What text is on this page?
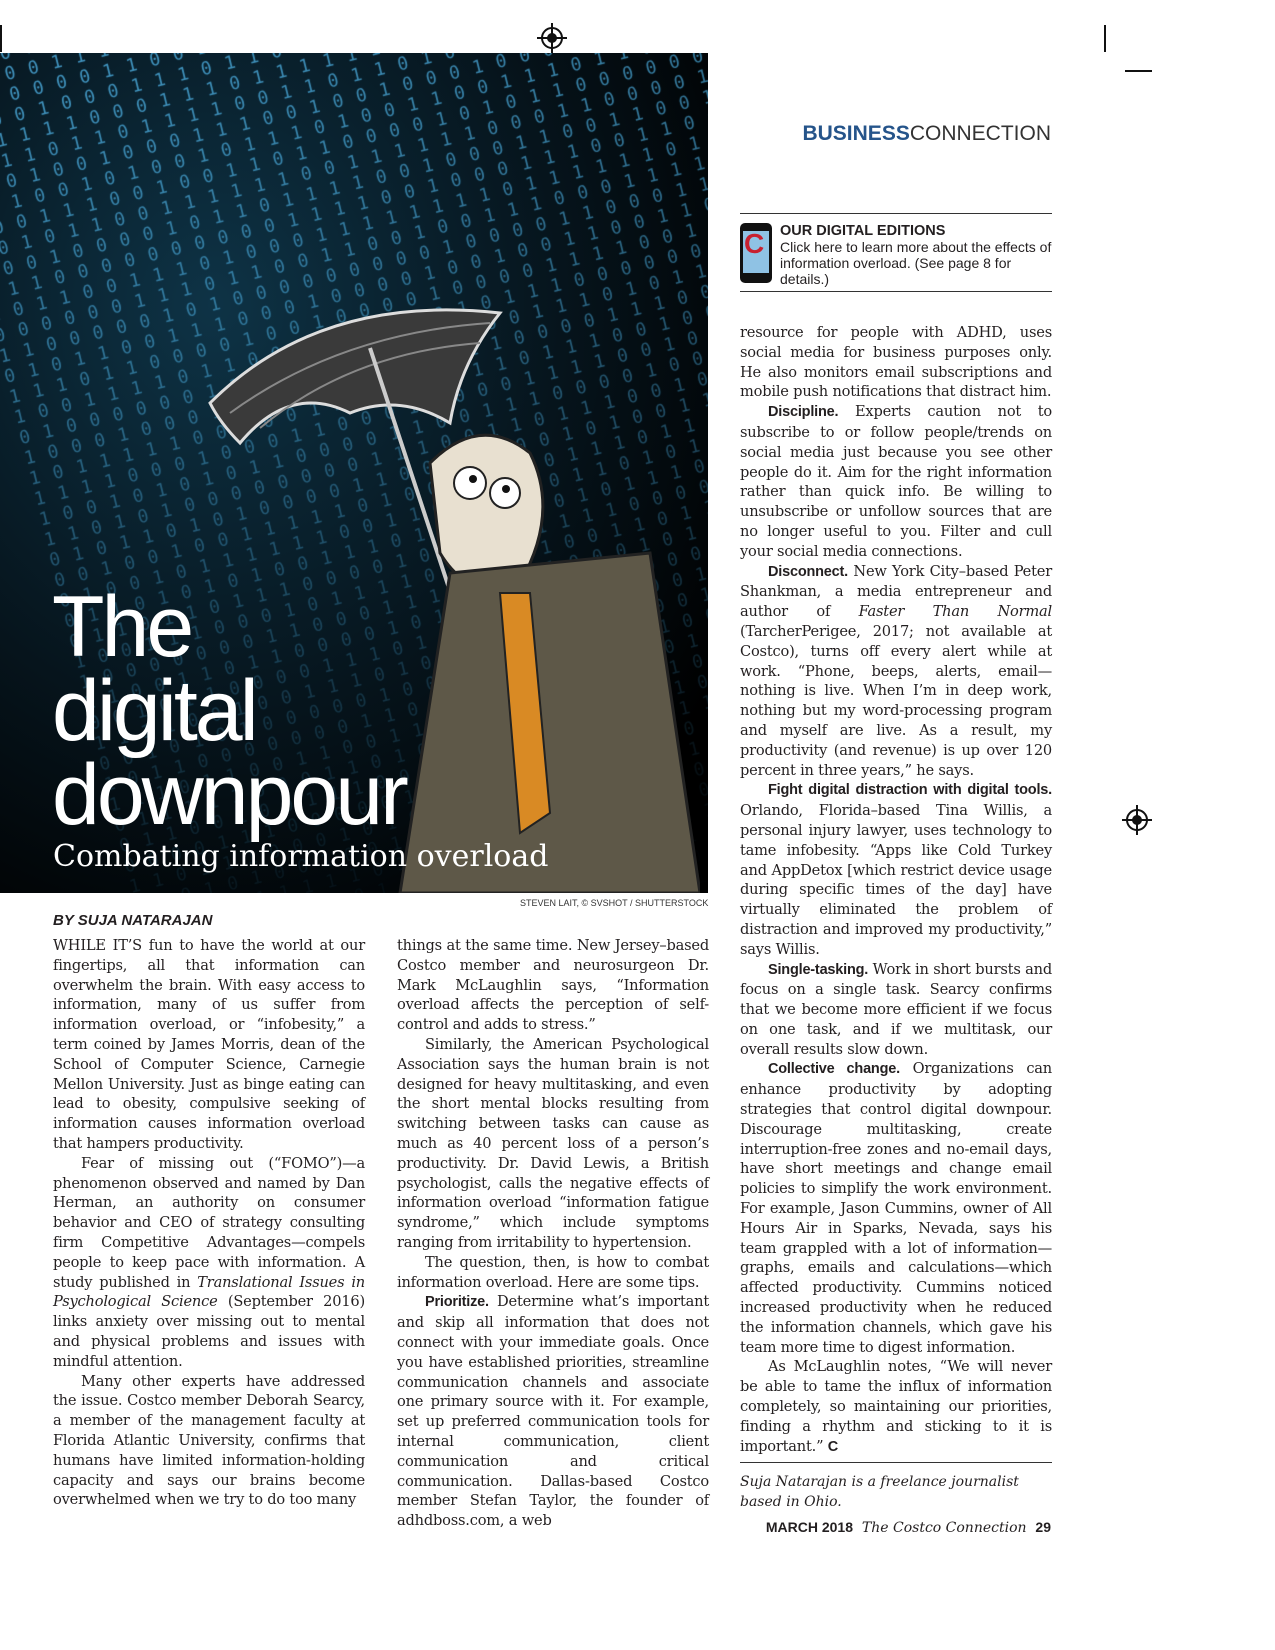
The
digital
downpour
Combating information overload
STEVEN LAIT, © SVSHOT / SHUTTERSTOCK
BY SUJA NATARAJAN
BUSINESSCONNECTION
C OUR DIGITAL EDITIONS
Click here to learn more about the effects of information overload. (See page 8 for details.)

WHILE IT’S fun to have the world at our fingertips, all that information can overwhelm the brain. With easy access to information, many of us suffer from information overload, or “infobesity,” a term coined by James Morris, dean of the School of Computer Science, Carnegie Mellon University. Just as binge eating can lead to obesity, compulsive seeking of information causes information overload that hampers productivity.

Fear of missing out (“FOMO”)—a phenomenon observed and named by Dan Herman, an authority on consumer behavior and CEO of strategy consulting firm Competitive Advantages—compels people to keep pace with information. A study published in Translational Issues in Psychological Science (September 2016) links anxiety over missing out to mental and physical problems and issues with mindful attention.

Many other experts have addressed the issue. Costco member Deborah Searcy, a member of the management faculty at Florida Atlantic University, confirms that humans have limited information-holding capacity and says our brains become overwhelmed when we try to do too many

things at the same time. New Jersey–based Costco member and neurosurgeon Dr. Mark McLaughlin says, “Information overload affects the perception of self-control and adds to stress.”

Similarly, the American Psychological Association says the human brain is not designed for heavy multitasking, and even the short mental blocks resulting from switching between tasks can cause as much as 40 percent loss of a person’s productivity. Dr. David Lewis, a British psychologist, calls the negative effects of information overload “information fatigue syndrome,” which include symptoms ranging from irritability to hypertension.

The question, then, is how to combat information overload. Here are some tips.

Prioritize. Determine what’s important and skip all information that does not connect with your immediate goals. Once you have established priorities, streamline communication channels and associate one primary source with it. For example, set up preferred communication tools for internal communication, client communication and critical communication. Dallas-based Costco member Stefan Taylor, the founder of adhdboss.com, a web

resource for people with ADHD, uses social media for business purposes only. He also monitors email subscriptions and mobile push notifications that distract him.

Discipline. Experts caution not to subscribe to or follow people/trends on social media just because you see other people do it. Aim for the right information rather than quick info. Be willing to unsubscribe or unfollow sources that are no longer useful to you. Filter and cull your social media connections.

Disconnect. New York City–based Peter Shankman, a media entrepreneur and author of Faster Than Normal (TarcherPerigee, 2017; not available at Costco), turns off every alert while at work. “Phone, beeps, alerts, email—nothing is live. When I’m in deep work, nothing but my word-processing program and myself are live. As a result, my productivity (and revenue) is up over 120 percent in three years,” he says.

Fight digital distraction with digital tools. Orlando, Florida–based Tina Willis, a personal injury lawyer, uses technology to tame infobesity. “Apps like Cold Turkey and AppDetox [which restrict device usage during specific times of the day] have virtually eliminated the problem of distraction and improved my productivity,” says Willis.

Single-tasking. Work in short bursts and focus on a single task. Searcy confirms that we become more efficient if we focus on one task, and if we multitask, our overall results slow down.

Collective change. Organizations can enhance productivity by adopting strategies that control digital downpour. Discourage multitasking, create interruption-free zones and no-email days, have short meetings and change email policies to simplify the work environment. For example, Jason Cummins, owner of All Hours Air in Sparks, Nevada, says his team grappled with a lot of information—graphs, emails and calculations—which affected productivity. Cummins noticed increased productivity when he reduced the information channels, which gave his team more time to digest information.

As McLaughlin notes, “We will never be able to tame the influx of information completely, so maintaining our priorities, finding a rhythm and sticking to it is important.” C

Suja Natarajan is a freelance journalist based in Ohio.
MARCH 2018 The Costco Connection 29
